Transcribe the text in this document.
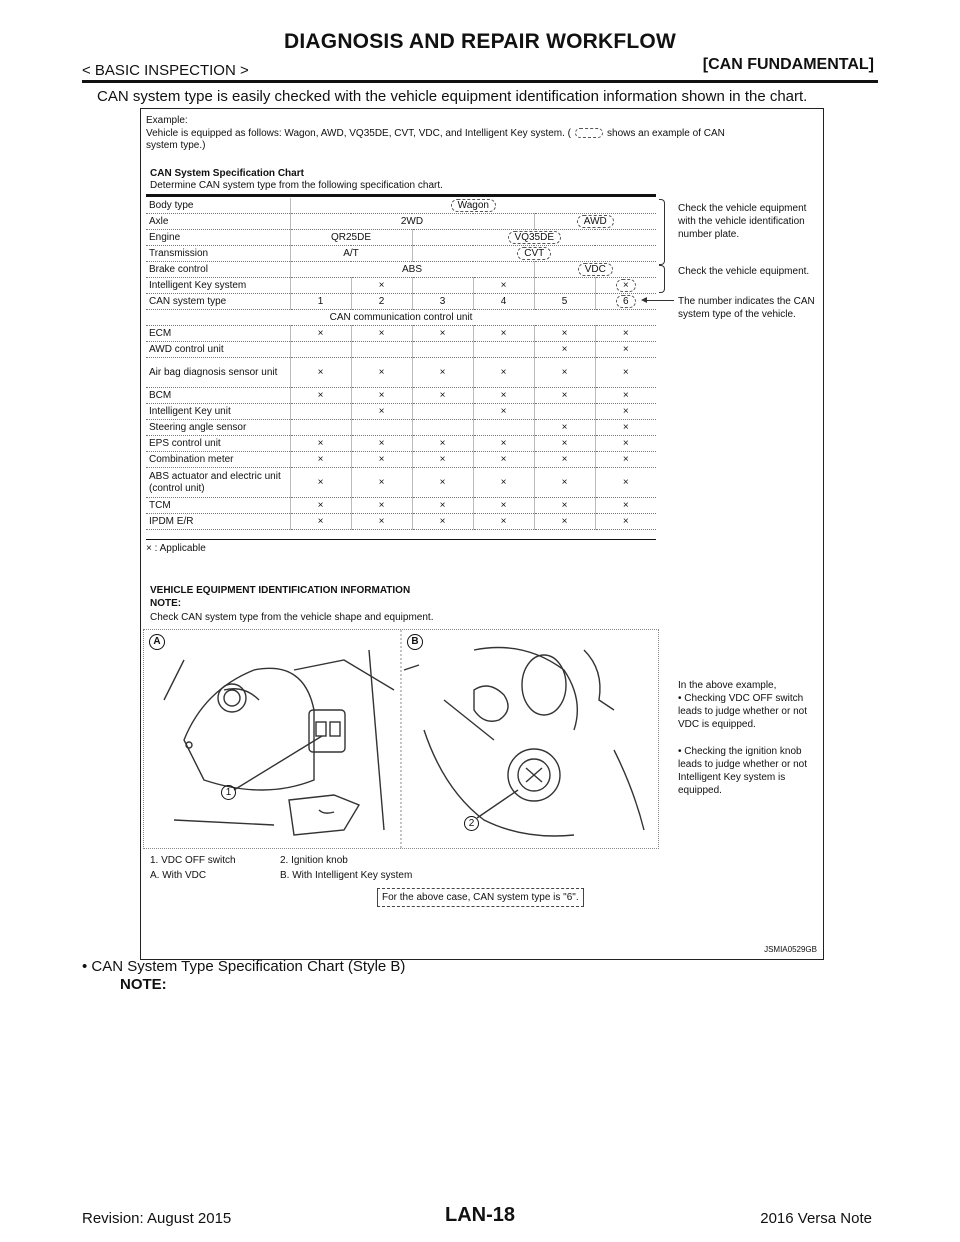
DIAGNOSIS AND REPAIR WORKFLOW
< BASIC INSPECTION >	[CAN FUNDAMENTAL]
CAN system type is easily checked with the vehicle equipment identification information shown in the chart.
Example:
Vehicle is equipped as follows: Wagon, AWD, VQ35DE, CVT, VDC, and Intelligent Key system. (	shows an example of CAN
system type.)
CAN System Specification Chart
Determine CAN system type from the following specification chart.
Body type	Wagon					
Axle	2WD				AWD	
Engine	QR25DE		VQ35DE			
Transmission	A/T		CVT			
Brake control	ABS				VDC	
Intelligent Key system		×		×		×
CAN system type	1	2	3	4	5	6
CAN communication control unit						
ECM	×	×	×	×	×	×
AWD control unit					×	×
Air bag diagnosis sensor unit	×	×	×	×	×	×
BCM	×	×	×	×	×	×
Intelligent Key unit		×		×		×
Steering angle sensor					×	×
EPS control unit	×	×	×	×	×	×
Combination meter	×	×	×	×	×	×
ABS actuator and electric unit (control unit)	×	×	×	×	×	×
TCM	×	×	×	×	×	×
IPDM E/R	×	×	×	×	×	×
× : Applicable
Check the vehicle equipment with the vehicle identification number plate.
Check the vehicle equipment.
The number indicates the CAN system type of the vehicle.
VEHICLE EQUIPMENT IDENTIFICATION INFORMATION
NOTE:
Check CAN system type from the vehicle shape and equipment.
A	B
1
2
In the above example,
• Checking VDC OFF switch leads to judge whether or not VDC is equipped.
• Checking the ignition knob leads to judge whether or not Intelligent Key system is equipped.
1. VDC OFF switch	2. Ignition knob
A. With VDC	B. With Intelligent Key system
For the above case, CAN system type is "6".
JSMIA0529GB
• CAN System Type Specification Chart (Style B)
NOTE:
Revision: August 2015	LAN-18	2016 Versa Note
